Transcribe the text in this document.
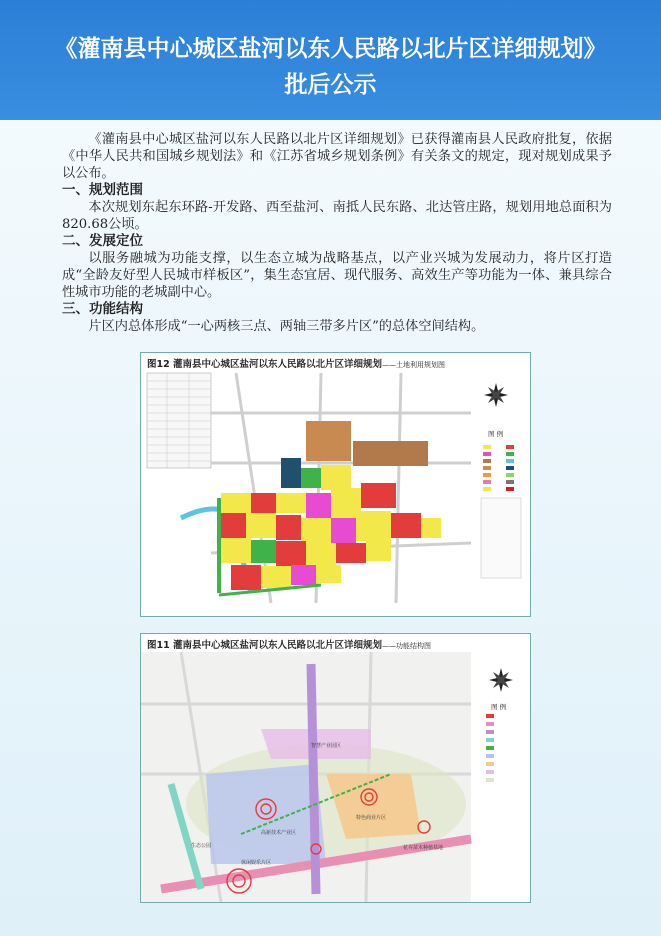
《灌南县中心城区盐河以东人民路以北片区详细规划》
批后公示

《灌南县中心城区盐河以东人民路以北片区详细规划》已获得灌南县人民政府批复，依据《中华人民共和国城乡规划法》和《江苏省城乡规划条例》有关条文的规定，现对规划成果予以公布。

一、规划范围

本次规划东起东环路-开发路、西至盐河、南抵人民东路、北达管庄路，规划用地总面积为820.68公顷。

二、发展定位

以服务融城为功能支撑，以生态立城为战略基点，以产业兴城为发展动力，将片区打造成“全龄友好型人民城市样板区”，集生态宜居、现代服务、高效生产等功能为一体、兼具综合性城市功能的老城副中心。

三、功能结构

片区内总体形成“一心两核三点、两轴三带多片区”的总体空间结构。

图12 灌南县中心城区盐河以东人民路以北片区详细规划——土地利用规划图
图 例
图11 灌南县中心城区盐河以东人民路以北片区详细规划——功能结构图
图 例
智慧产业园区
高新技术产业区
特色商业片区
休闲娱乐片区
生态公园	花卉苗木种植基地
